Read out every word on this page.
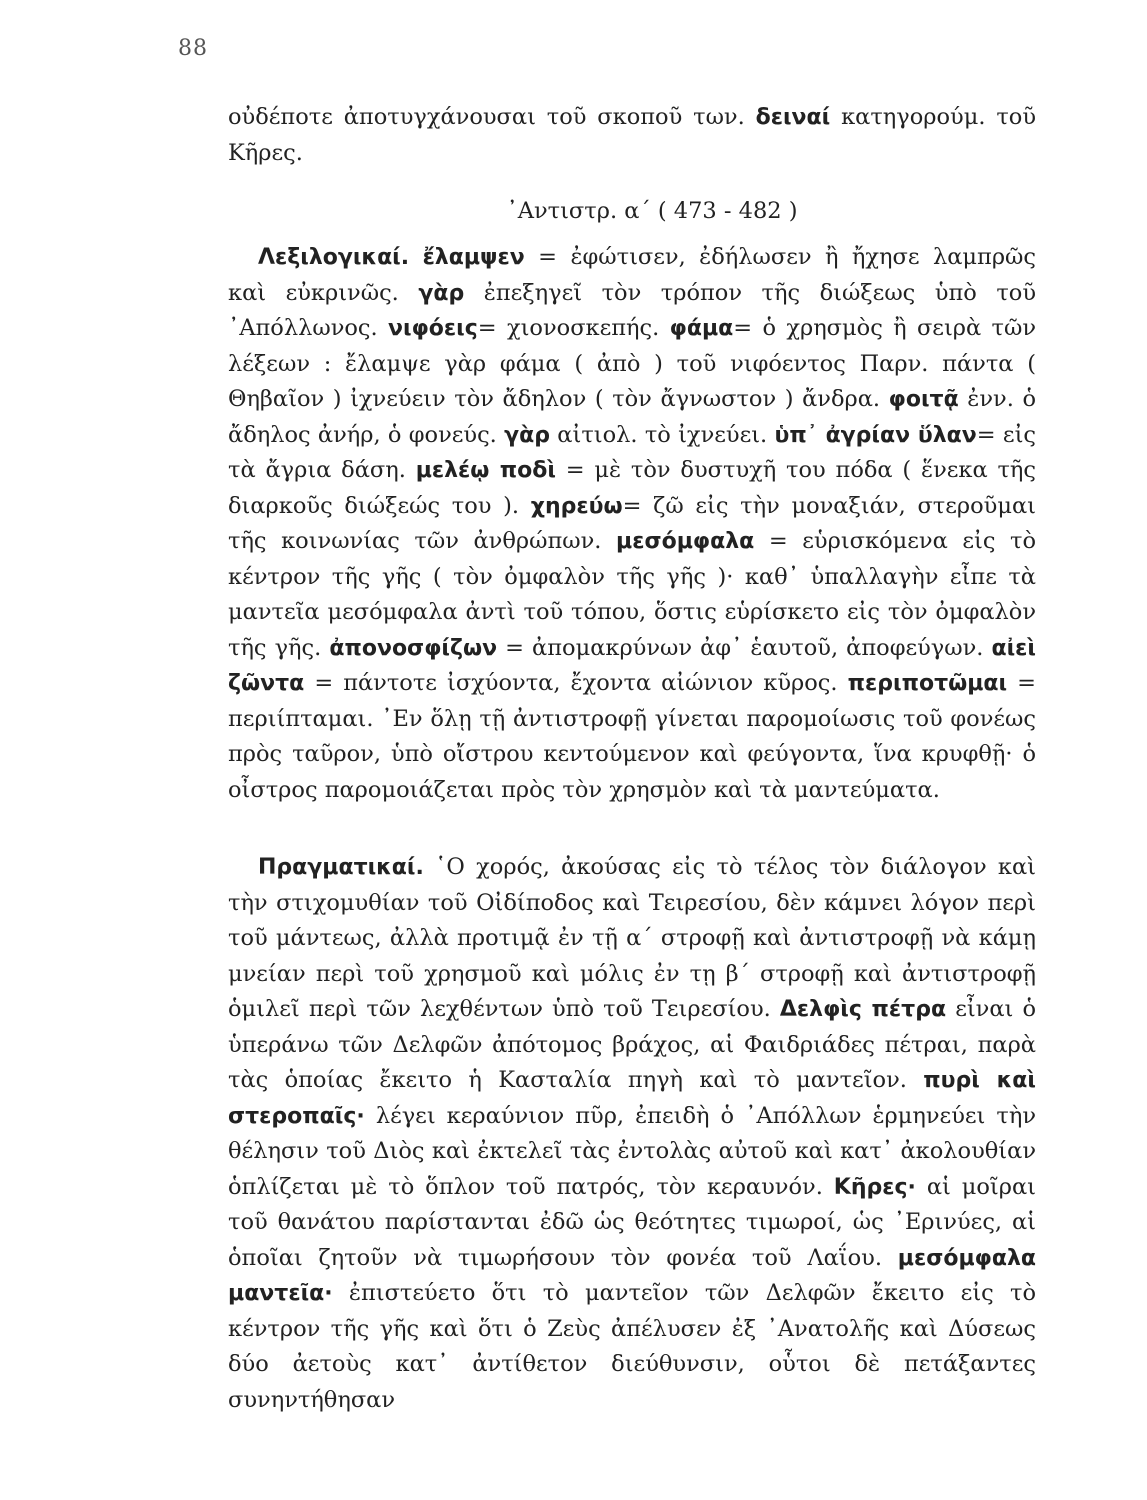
88

οὐδέποτε ἀποτυγχάνουσαι τοῦ σκοποῦ των. δειναί κατηγορούμ. τοῦ Κῆρες.

᾿Αντιστρ. α΄ ( 473 - 482 )

Λεξιλογικαί. ἔλαμψεν = ἐφώτισεν, ἐδήλωσεν ἢ ἤχησε λαμπρῶς καὶ εὐκρινῶς. γὰρ ἐπεξηγεῖ τὸν τρόπον τῆς διώξεως ὑπὸ τοῦ ᾿Απόλλωνος. νιφόεις= χιονοσκεπής. φάμα= ὁ χρησμὸς ἢ σειρὰ τῶν λέξεων : ἔλαμψε γὰρ φάμα ( ἀπὸ ) τοῦ νιφόεντος Παρν. πάντα ( Θηβαῖον ) ἰχνεύειν τὸν ἄδηλον ( τὸν ἄγνωστον ) ἄνδρα. φοιτᾷ ἐνν. ὁ ἄδηλος ἀνήρ, ὁ φονεύς. γὰρ αἰτιολ. τὸ ἰχνεύει. ὑπ᾿ ἀγρίαν ὕλαν= εἰς τὰ ἄγρια δάση. μελέῳ ποδὶ = μὲ τὸν δυστυχῆ του πόδα ( ἕνεκα τῆς διαρκοῦς διώξεώς του ). χηρεύω= ζῶ εἰς τὴν μοναξιάν, στεροῦμαι τῆς κοινωνίας τῶν ἀνθρώπων. μεσόμφαλα = εὑρισκόμενα εἰς τὸ κέντρον τῆς γῆς ( τὸν ὀμφαλὸν τῆς γῆς )· καθ᾿ ὑπαλλαγὴν εἶπε τὰ μαντεῖα μεσόμφαλα ἀντὶ τοῦ τόπου, ὅστις εὑρίσκετο εἰς τὸν ὀμφαλὸν τῆς γῆς. ἀπονοσφίζων = ἀπομακρύνων ἀφ᾿ ἑαυτοῦ, ἀποφεύγων. αἰεὶ ζῶντα = πάντοτε ἰσχύοντα, ἔχοντα αἰώνιον κῦρος. περιποτῶμαι = περιίπταμαι. ᾿Εν ὅλῃ τῇ ἀντιστροφῇ γίνεται παρομοίωσις τοῦ φονέως πρὸς ταῦρον, ὑπὸ οἴστρου κεντούμενον καὶ φεύγοντα, ἵνα κρυφθῇ· ὁ οἶστρος παρομοιάζεται πρὸς τὸν χρησμὸν καὶ τὰ μαντεύματα.

Πραγματικαί. ῾Ο χορός, ἀκούσας εἰς τὸ τέλος τὸν διάλογον καὶ τὴν στιχομυθίαν τοῦ Οἰδίποδος καὶ Τειρεσίου, δὲν κάμνει λόγον περὶ τοῦ μάντεως, ἀλλὰ προτιμᾷ ἐν τῇ α΄ στροφῇ καὶ ἀντιστροφῇ νὰ κάμῃ μνείαν περὶ τοῦ χρησμοῦ καὶ μόλις ἐν τῃ β΄ στροφῇ καὶ ἀντιστροφῇ ὁμιλεῖ περὶ τῶν λεχθέντων ὑπὸ τοῦ Τειρεσίου. Δελφὶς πέτρα εἶναι ὁ ὑπεράνω τῶν Δελφῶν ἀπότομος βράχος, αἱ Φαιδριάδες πέτραι, παρὰ τὰς ὁποίας ἔκειτο ἡ Κασταλία πηγὴ καὶ τὸ μαντεῖον. πυρὶ καὶ στεροπαῖς· λέγει κεραύνιον πῦρ, ἐπειδὴ ὁ ᾿Απόλλων ἑρμηνεύει τὴν θέλησιν τοῦ Διὸς καὶ ἐκτελεῖ τὰς ἐντολὰς αὐτοῦ καὶ κατ᾿ ἀκολουθίαν ὁπλίζεται μὲ τὸ ὅπλον τοῦ πατρός, τὸν κεραυνόν. Κῆρες· αἱ μοῖραι τοῦ θανάτου παρίστανται ἐδῶ ὡς θεότητες τιμωροί, ὡς ᾿Ερινύες, αἱ ὁποῖαι ζητοῦν νὰ τιμωρήσουν τὸν φονέα τοῦ Λαΐου. μεσόμφαλα μαντεῖα· ἐπιστεύετο ὅτι τὸ μαντεῖον τῶν Δελφῶν ἔκειτο εἰς τὸ κέντρον τῆς γῆς καὶ ὅτι ὁ Ζεὺς ἀπέλυσεν ἐξ ᾿Ανατολῆς καὶ Δύσεως δύο ἀετοὺς κατ᾿ ἀντίθετον διεύθυνσιν, οὗτοι δὲ πετάξαντες συνηντήθησαν
